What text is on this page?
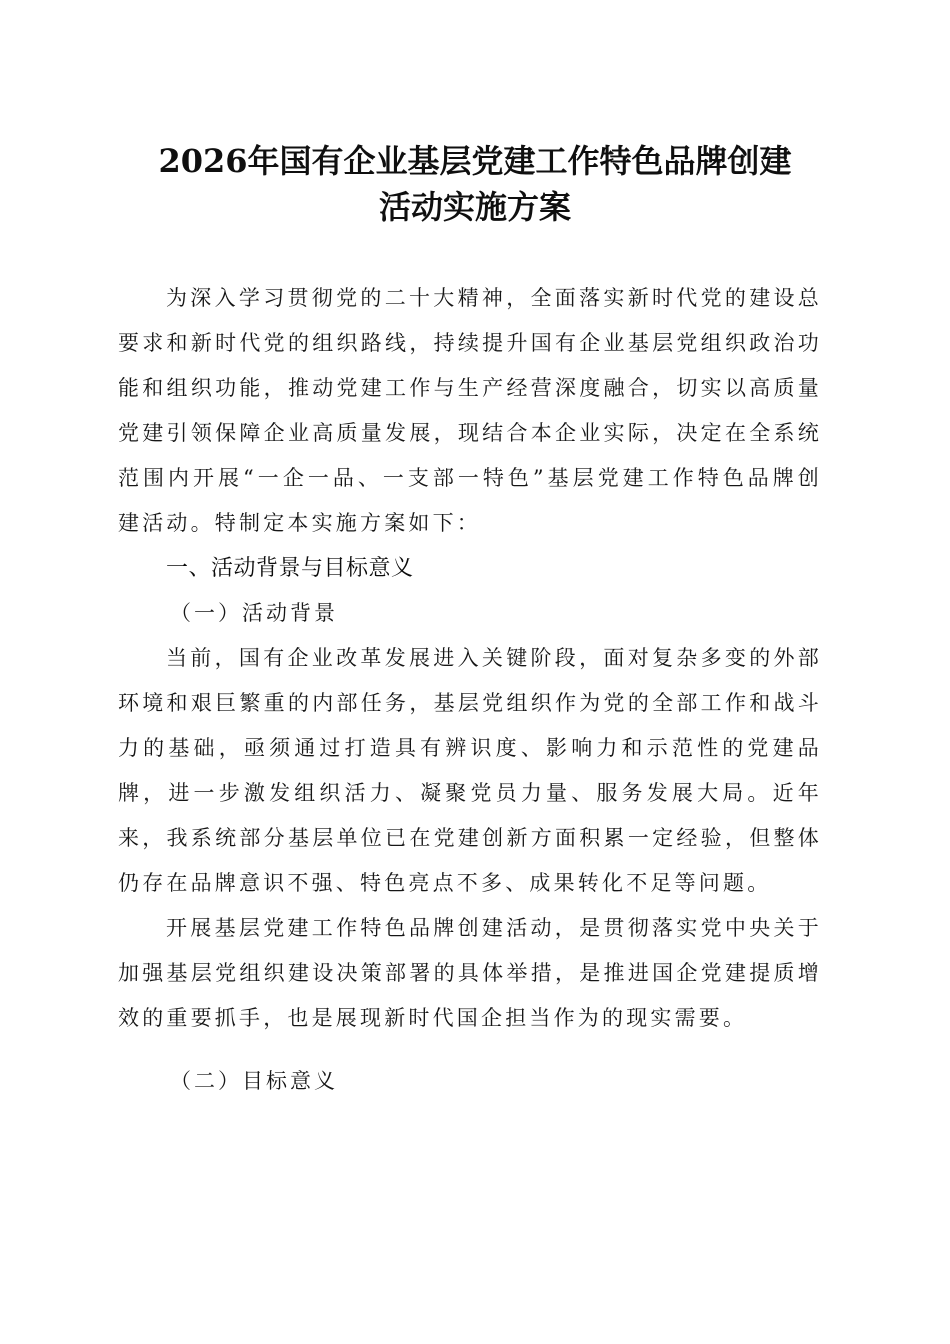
2026年国有企业基层党建工作特色品牌创建
活动实施方案

为深入学习贯彻党的二十大精神，全面落实新时代党的建设总要求和新时代党的组织路线，持续提升国有企业基层党组织政治功能和组织功能，推动党建工作与生产经营深度融合，切实以高质量党建引领保障企业高质量发展，现结合本企业实际，决定在全系统范围内开展“一企一品、一支部一特色”基层党建工作特色品牌创建活动。特制定本实施方案如下：

一、活动背景与目标意义
（一）活动背景

当前，国有企业改革发展进入关键阶段，面对复杂多变的外部环境和艰巨繁重的内部任务，基层党组织作为党的全部工作和战斗力的基础，亟须通过打造具有辨识度、影响力和示范性的党建品牌，进一步激发组织活力、凝聚党员力量、服务发展大局。近年来，我系统部分基层单位已在党建创新方面积累一定经验，但整体仍存在品牌意识不强、特色亮点不多、成果转化不足等问题。

开展基层党建工作特色品牌创建活动，是贯彻落实党中央关于加强基层党组织建设决策部署的具体举措，是推进国企党建提质增效的重要抓手，也是展现新时代国企担当作为的现实需要。

（二）目标意义
